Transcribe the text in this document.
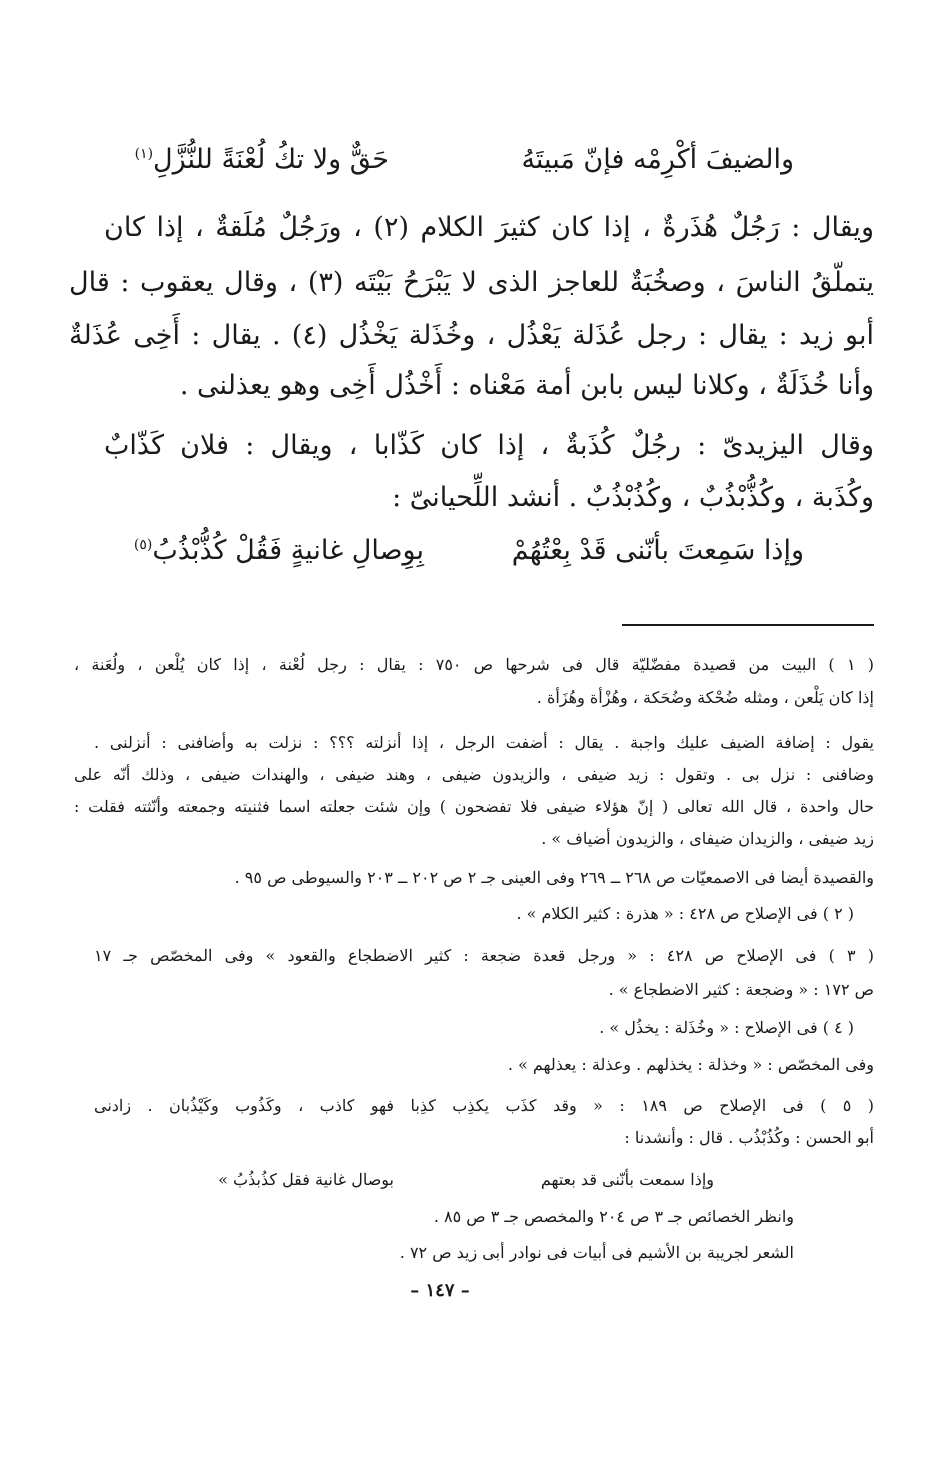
والضيفَ أكْرِمْه فإنّ مَبيتَهُ
حَقٌّ ولا تكُ لُعْنَةً للنُّزَّلِ$^{(١)}$
ويقال : رَجُلٌ هُذَرةٌ ، إذا كان كثيرَ الكلام (٢) ، ورَجُلٌ مُلَقةٌ ، إذا كان
يتملّقُ الناسَ ، وصخُبَةٌ للعاجز الذى لا يَبْرَحُ بَيْتَه (٣) ، وقال يعقوب : قال
أبو زيد : يقال : رجل عُذَلة يَعْذُل ، وخُذَلة يَخْذُل (٤) . يقال : أَخِى عُذَلةٌ
وأنا خُذَلَةٌ ، وكلانا ليس بابن أمة مَعْناه : أَخْذُل أَخِى وهو يعذلنى .
وقال اليزيدىّ : رجُلٌ كُذَبةٌ ، إذا كان كَذّابا ، ويقال : فلان كَذّابٌ
وكُذَبة ، وكُذُّبْذُبٌ ، وكُذُبْذُبٌ . أنشد اللِّحيانىّ :
وإذا سَمِعتَ بأنّنى قَدْ بِعْتُهُمْ
بِوِصالِ غانيةٍ فَقُلْ كُذُّبْذُبُ$^{(٥)}$
( ١ ) البيت من قصيدة مفضّليّة قال فى شرحها ص ٧٥٠ : يقال : رجل لُعْنة ، إذا كان يُلْعن ، ولُعَنة ،
إذا كان يَلْعن ، ومثله ضُحْكة وضُحَكة ، وهُزْأة وهُزَأة .
يقول : إضافة الضيف عليك واجبة . يقال : أضفت الرجل ، إذا أنزلته ؟؟؟ : نزلت به وأضافنى : أنزلنى .
وضافنى : نزل بى . وتقول : زيد ضيفى ، والزيدون ضيفى ، وهند ضيفى ، والهندات ضيفى ، وذلك أنّه على
حال واحدة ، قال الله تعالى ( إنّ هؤلاء ضيفى فلا تفضحون ) وإن شئت جعلته اسما فثنيته وجمعته وأنّثته فقلت :
زيد ضيفى ، والزيدان ضيفاى ، والزيدون أضياف » .
والقصيدة أيضا فى الاصمعيّات ص ٢٦٨ ــ ٢٦٩ وفى العينى جـ ٢ ص ٢٠٢ ــ ٢٠٣ والسيوطى ص ٩٥ .
( ٢ ) فى الإصلاح ص ٤٢٨ : « هذرة : كثير الكلام » .
( ٣ ) فى الإصلاح ص ٤٢٨ : « ورجل قعدة ضجعة : كثير الاضطجاع والقعود » وفى المخصّص جـ ١٧
ص ١٧٢ : « وضجعة : كثير الاضطجاع » .
( ٤ ) فى الإصلاح : « وخُذَلة : يخذُل » .
وفى المخصّص : « وخذلة : يخذلهم . وعذلة : يعذلهم » .
( ٥ ) فى الإصلاح ص ١٨٩ : « وقد كذَب يكذِب كذِبا فهو كاذب ، وكَذُوب وكَيْذُبان . زادنى
أبو الحسن : وكُذُبْذُب . قال : وأنشدنا :
وإذا سمعت بأنّنى قد بعتهم
بوصال غانية فقل كذُبذُبُ »
وانظر الخصائص جـ ٣ ص ٢٠٤ والمخصص جـ ٣ ص ٨٥ .
الشعر لجريبة بن الأشيم فى أبيات فى نوادر أبى زيد ص ٧٢ .
– ١٤٧ –
